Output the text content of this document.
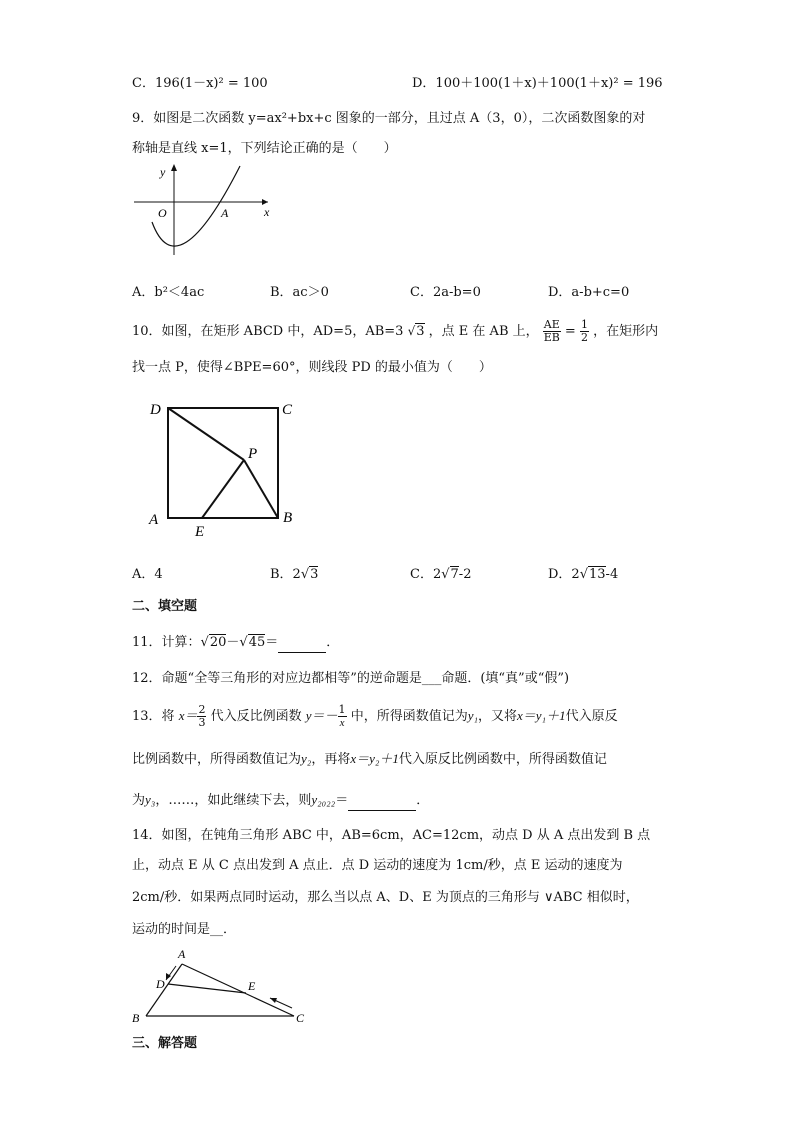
C．196(1－x)² = 100	D．100＋100(1＋x)＋100(1＋x)² = 196
9．如图是二次函数 y=ax²+bx+c 图象的一部分，且过点 A（3，0），二次函数图象的对
称轴是直线 x=1，下列结论正确的是（　　）
y
x
O	A
A．b²＜4ac	B．ac＞0	C．2a-b=0	D．a-b+c=0
10．如图，在矩形 ABCD 中，AD=5，AB=3 √3 ，点 E 在 AB 上， $\frac{AE}{EB} = \frac{1}{2}$ ，在矩形内
找一点 P，使得∠BPE=60°，则线段 PD 的最小值为（　　）
D	C
A	B
P
E
A．4	B．2√3	C．2√7-2	D．2√13-4
二、填空题
11．计算：√20－√45＝	．
12．命题“全等三角形的对应边都相等”的逆命题是___命题．(填“真”或“假”)
13．将 $x= \frac{2}{3}$ 代入反比例函数 $y=- \frac{1}{x}$ 中，所得函数值记为y₁，又将x＝y₁＋1代入原反
比例函数中，所得函数值记为y₂，再将x＝y₂＋1代入原反比例函数中，所得函数值记
为y₃，……，如此继续下去，则y₂₀₂₂＝	．
14．如图，在钝角三角形 ABC 中，AB=6cm，AC=12cm，动点 D 从 A 点出发到 B 点
止，动点 E 从 C 点出发到 A 点止．点 D 运动的速度为 1cm/秒，点 E 运动的速度为
2cm/秒．如果两点同时运动，那么当以点 A、D、E 为顶点的三角形与 ∨ABC 相似时，
运动的时间是__．
A
B	C
D	E
三、解答题
